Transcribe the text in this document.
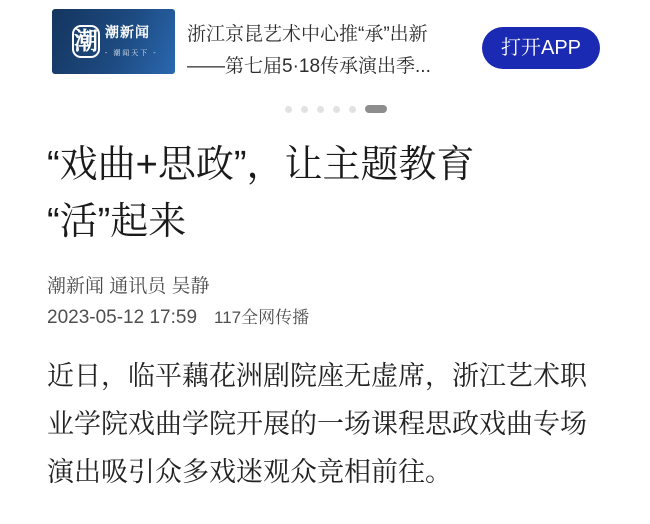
潮 潮新闻 - 潮闻天下 -
浙江京昆艺术中心推“承”出新
——第七届5·18传承演出季...
打开APP
“戏曲+思政”，让主题教育
“活”起来
潮新闻 通讯员 吴静
2023-05-12 17:59 117全网传播

近日，临平藕花洲剧院座无虚席，浙江艺术职业学院戏曲学院开展的一场课程思政戏曲专场演出吸引众多戏迷观众竞相前往。
